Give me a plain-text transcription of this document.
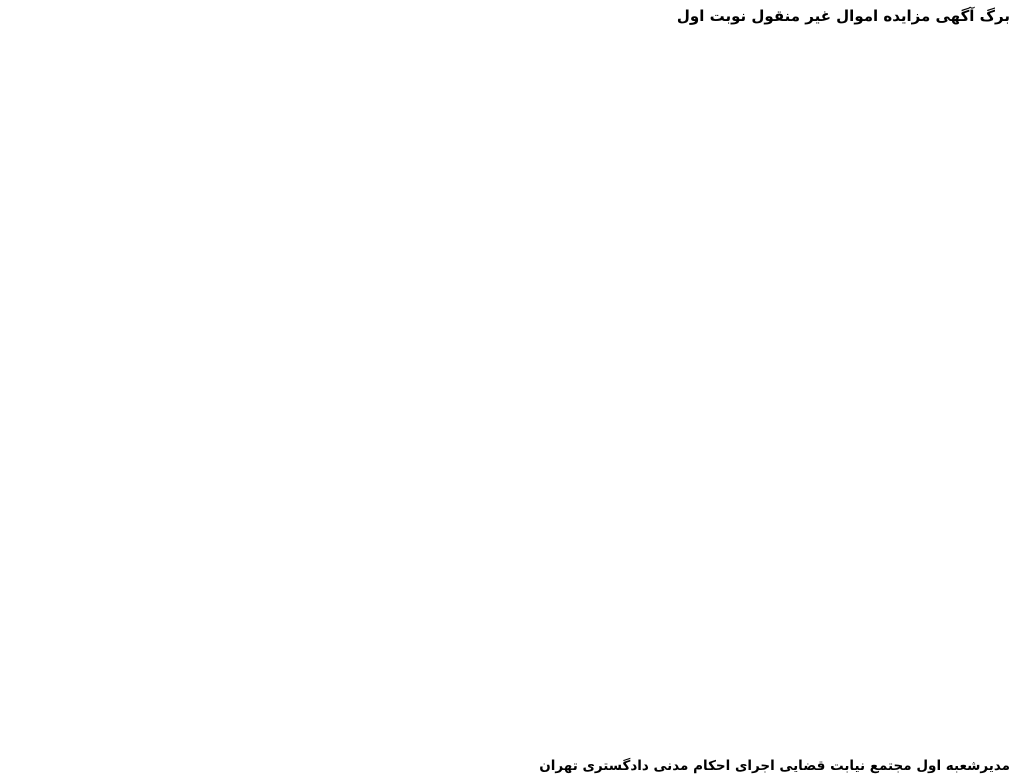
برگ آگهی مزایده اموال غیر منقول نوبت اول

مدیرشعبه اول مجتمع نیابت قضایی اجرای احکام مدنی دادگستری تهران
